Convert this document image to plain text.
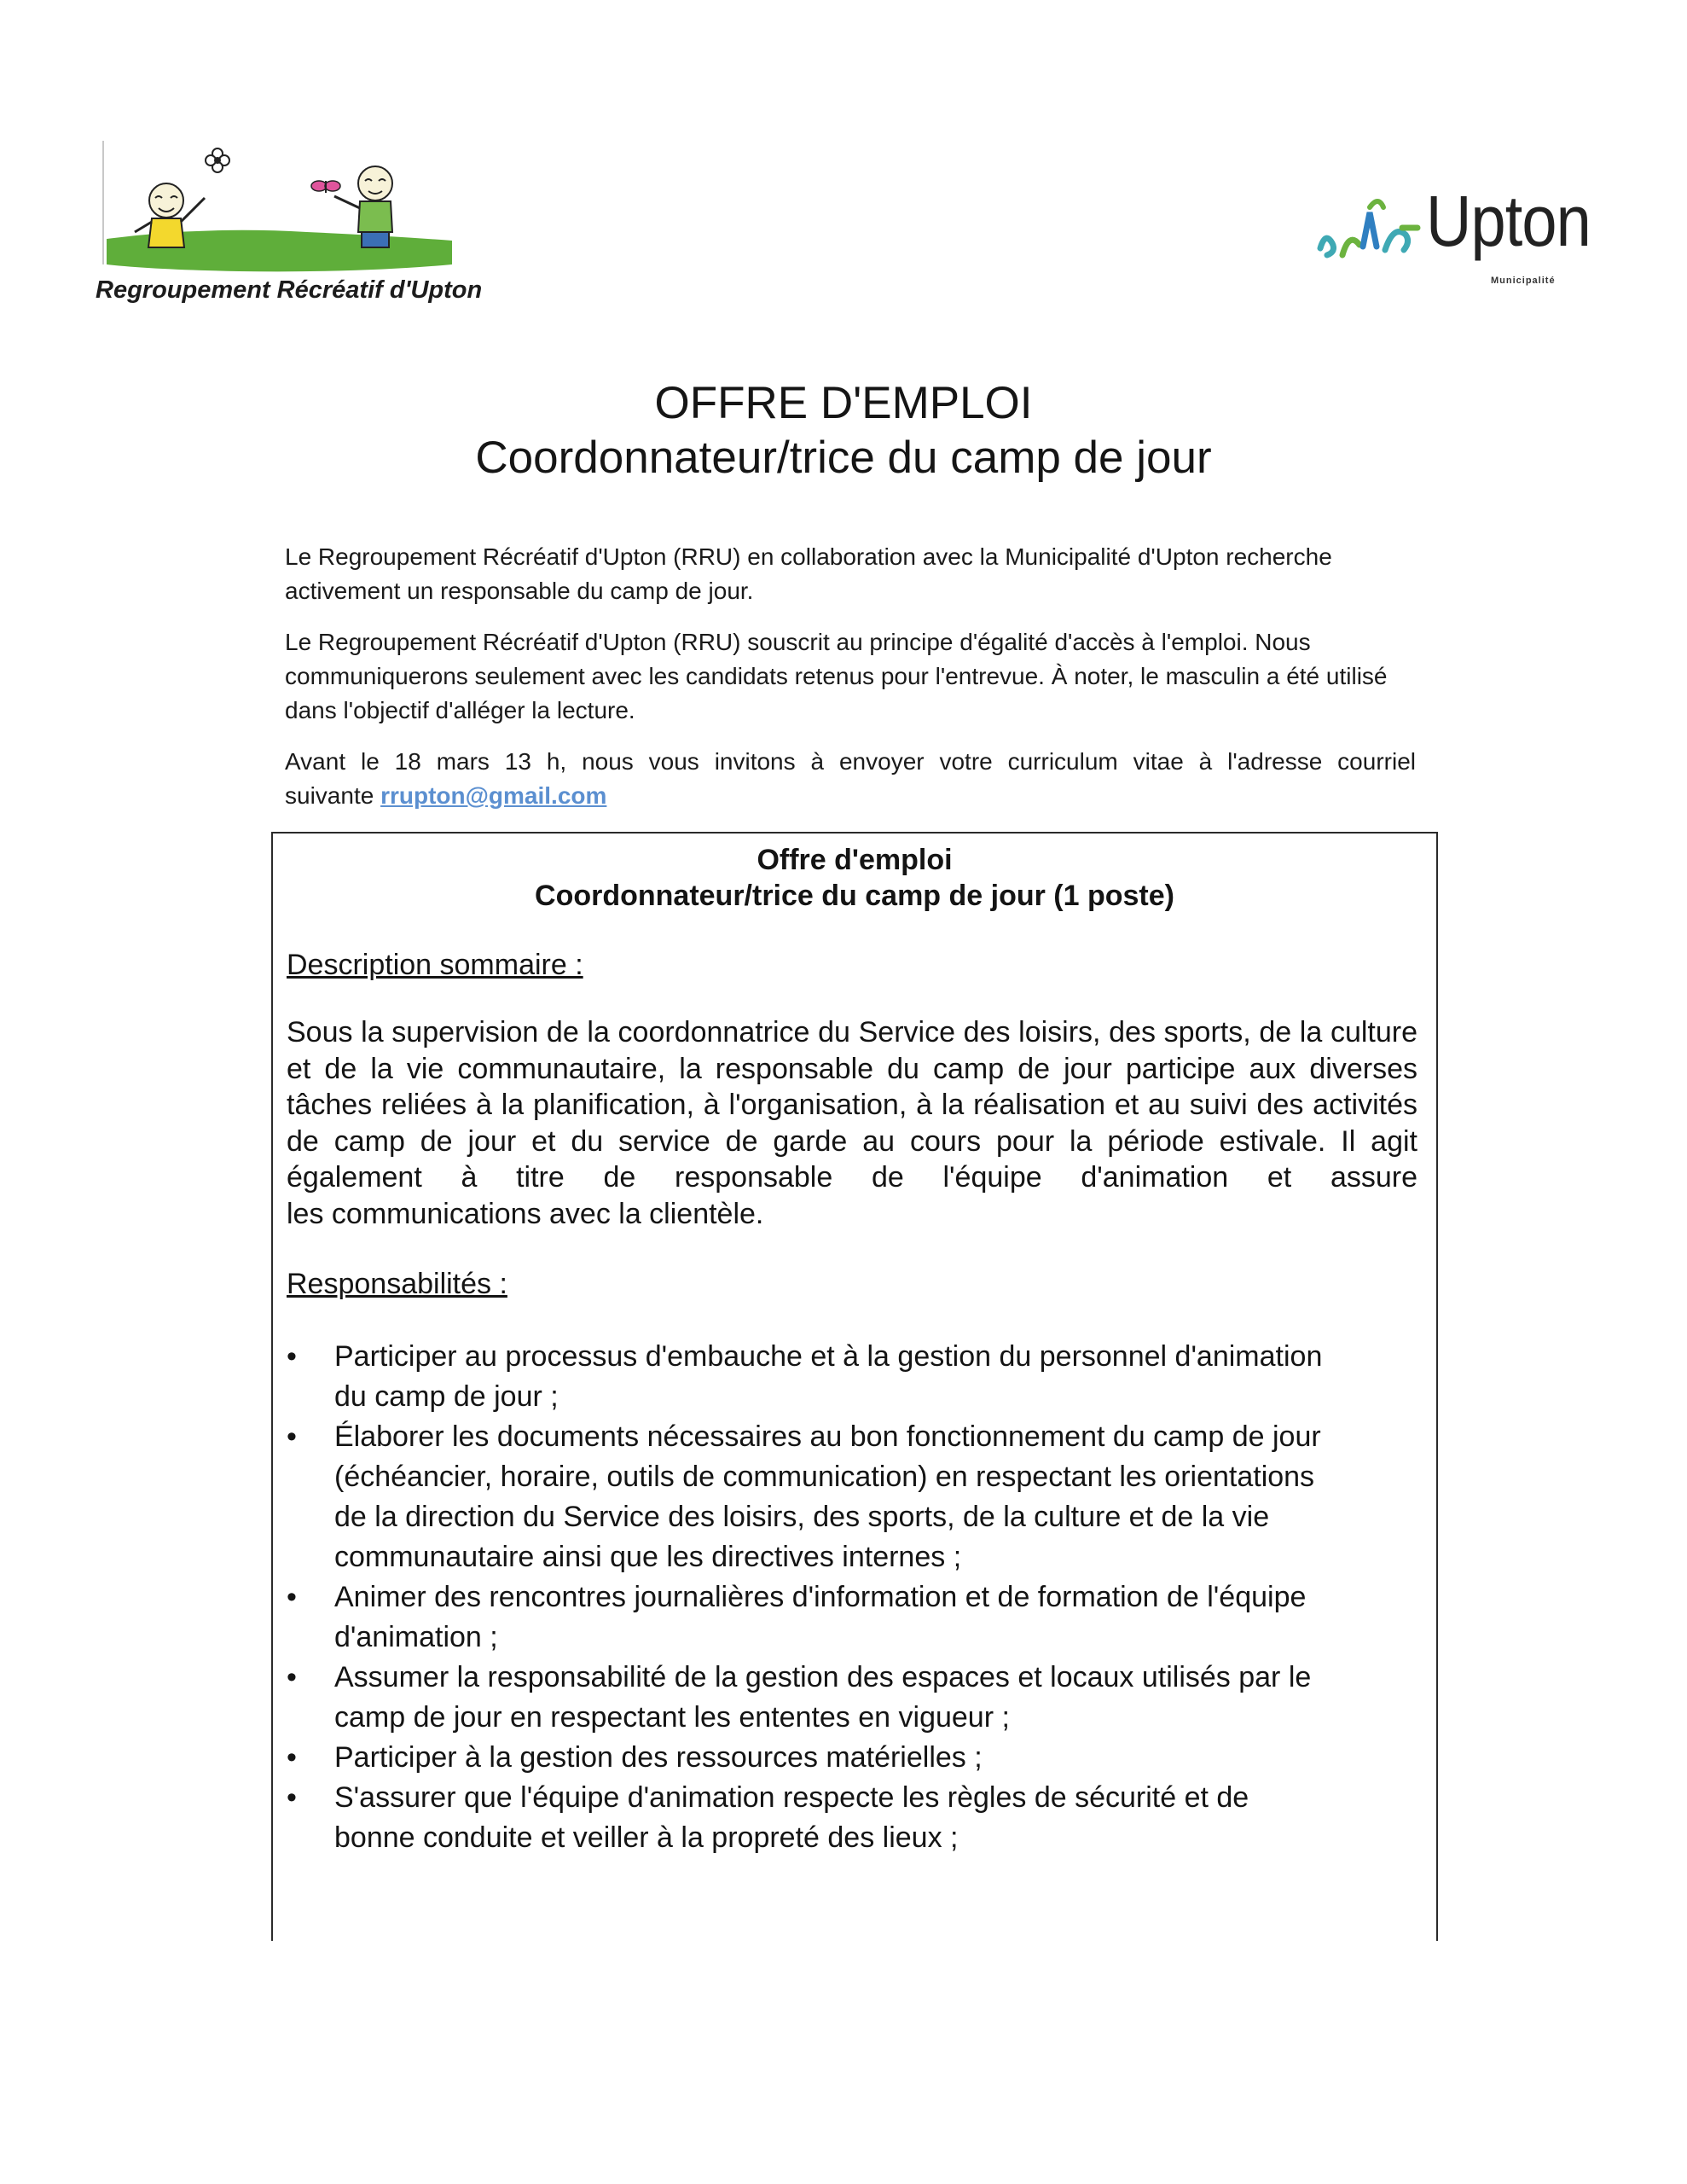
Regroupement Récréatif d'Upton
Upton
Municipalité
OFFRE D'EMPLOI
Coordonnateur/trice du camp de jour

Le Regroupement Récréatif d'Upton (RRU) en collaboration avec la Municipalité d'Upton recherche activement un responsable du camp de jour.

Le Regroupement Récréatif d'Upton (RRU) souscrit au principe d'égalité d'accès à l'emploi. Nous communiquerons seulement avec les candidats retenus pour l'entrevue. À noter, le masculin a été utilisé dans l'objectif d'alléger la lecture.

Avant le 18 mars 13 h, nous vous invitons à envoyer votre curriculum vitae à l'adresse courriel
suivante rrupton@gmail.com
Offre d'emploi
Coordonnateur/trice du camp de jour (1 poste)
Description sommaire :
Sous la supervision de la coordonnatrice du Service des loisirs, des sports, de la culture et de la vie communautaire, la responsable du camp de jour participe aux diverses tâches reliées à la planification, à l'organisation, à la réalisation et au suivi des activités de camp de jour et du service de garde au cours pour la période estivale. Il agit également à titre de responsable de l'équipe d'animation et assure
les communications avec la clientèle.
Responsabilités :
•	Participer au processus d'embauche et à la gestion du personnel d'animation
du camp de jour ;
•	Élaborer les documents nécessaires au bon fonctionnement du camp de jour
(échéancier, horaire, outils de communication) en respectant les orientations
de la direction du Service des loisirs, des sports, de la culture et de la vie
communautaire ainsi que les directives internes ;
•	Animer des rencontres journalières d'information et de formation de l'équipe
d'animation ;
•	Assumer la responsabilité de la gestion des espaces et locaux utilisés par le
camp de jour en respectant les ententes en vigueur ;
•	Participer à la gestion des ressources matérielles ;
•	S'assurer que l'équipe d'animation respecte les règles de sécurité et de
bonne conduite et veiller à la propreté des lieux ;
